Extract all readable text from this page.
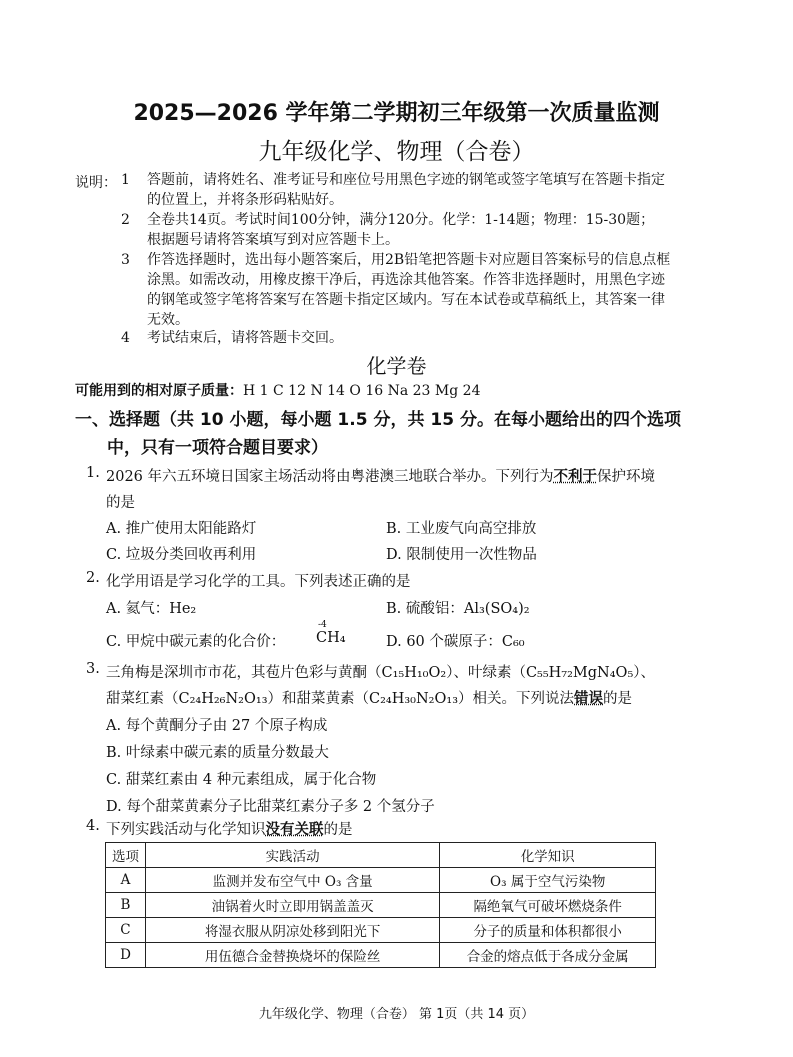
2025—2026 学年第二学期初三年级第一次质量监测
九年级化学、物理（合卷）
说明： 1 答题前，请将姓名、准考证号和座位号用黑色字迹的钢笔或签字笔填写在答题卡指定
的位置上，并将条形码粘贴好。
2 全卷共14页。考试时间100分钟，满分120分。化学：1-14题；物理：15-30题；
根据题号请将答案填写到对应答题卡上。
3 作答选择题时，选出每小题答案后，用2B铅笔把答题卡对应题目答案标号的信息点框
涂黑。如需改动，用橡皮擦干净后，再选涂其他答案。作答非选择题时，用黑色字迹
的钢笔或签字笔将答案写在答题卡指定区域内。写在本试卷或草稿纸上，其答案一律
无效。
4 考试结束后，请将答题卡交回。
化学卷
可能用到的相对原子质量：H 1 C 12 N 14 O 16 Na 23 Mg 24
一、选择题（共 10 小题，每小题 1.5 分，共 15 分。在每小题给出的四个选项
中，只有一项符合题目要求）
1. 2026 年六五环境日国家主场活动将由粤港澳三地联合举办。下列行为不利于保护环境
的是
A. 推广使用太阳能路灯	B. 工业废气向高空排放
C. 垃圾分类回收再利用	D. 限制使用一次性物品
2. 化学用语是学习化学的工具。下列表述正确的是
A. 氦气：He₂	B. 硫酸铝：Al₃(SO₄)₂
C. 甲烷中碳元素的化合价：
-4
CH₄	D. 60 个碳原子：C₆₀
3. 三角梅是深圳市市花，其苞片色彩与黄酮（C₁₅H₁₀O₂）、叶绿素（C₅₅H₇₂MgN₄O₅）、
甜菜红素（C₂₄H₂₆N₂O₁₃）和甜菜黄素（C₂₄H₃₀N₂O₁₃）相关。下列说法错误的是
A. 每个黄酮分子由 27 个原子构成
B. 叶绿素中碳元素的质量分数最大
C. 甜菜红素由 4 种元素组成，属于化合物
D. 每个甜菜黄素分子比甜菜红素分子多 2 个氢分子
4. 下列实践活动与化学知识没有关联的是
选项	实践活动	化学知识
A	监测并发布空气中 O₃ 含量	O₃ 属于空气污染物
B	油锅着火时立即用锅盖盖灭	隔绝氧气可破坏燃烧条件
C	将湿衣服从阴凉处移到阳光下	分子的质量和体积都很小
D	用伍德合金替换烧坏的保险丝	合金的熔点低于各成分金属
九年级化学、物理（合卷） 第 1页（共 14 页）
